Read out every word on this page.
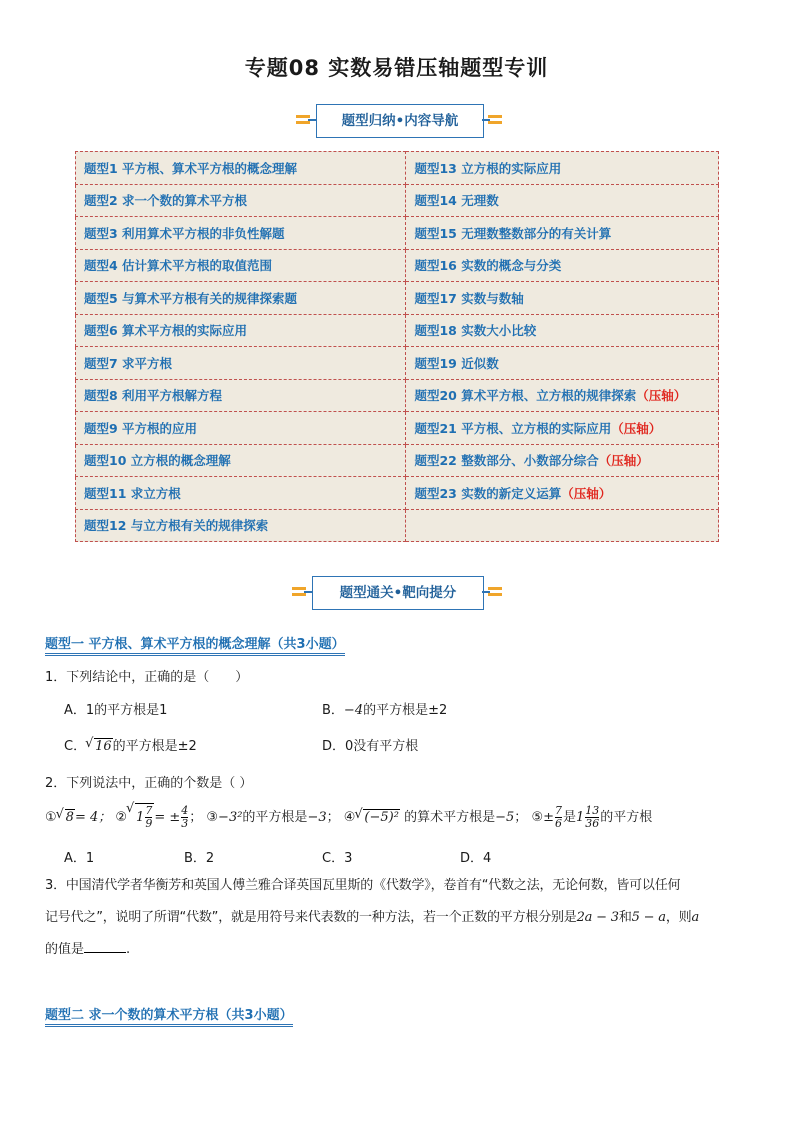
专题08 实数易错压轴题型专训
题型归纳•内容导航
题型1 平方根、算术平方根的概念理解	题型13 立方根的实际应用
题型2 求一个数的算术平方根	题型14 无理数
题型3 利用算术平方根的非负性解题	题型15 无理数整数部分的有关计算
题型4 估计算术平方根的取值范围	题型16 实数的概念与分类
题型5 与算术平方根有关的规律探索题	题型17 实数与数轴
题型6 算术平方根的实际应用	题型18 实数大小比较
题型7 求平方根	题型19 近似数
题型8 利用平方根解方程	题型20 算术平方根、立方根的规律探索（压轴）
题型9 平方根的应用	题型21 平方根、立方根的实际应用（压轴）
题型10 立方根的概念理解	题型22 整数部分、小数部分综合（压轴）
题型11 求立方根	题型23 实数的新定义运算（压轴）
题型12 与立方根有关的规律探索	
题型通关•靶向提分
题型一 平方根、算术平方根的概念理解（共3小题）
1．下列结论中，正确的是（　　）
A．1的平方根是1	B．−4的平方根是±2
C． √ 16的平方根是±2	D．0没有平方根
2．下列说法中，正确的个数是（ ）
① √ 8= 4； ② √ $1 \frac{7}{9}$ = ± $\frac{4}{3}$ ； ③−3²的平方根是−3； ④ √ (−5)² 的算术平方根是−5； ⑤± $\frac{7}{6}$ 是$1 \frac{13}{36}$ 的平方根
A．1	B．2	C．3	D．4
3．中国清代学者华衡芳和英国人傅兰雅合译英国瓦里斯的《代数学》，卷首有“代数之法，无论何数，皆可以任何
记号代之”，说明了所谓“代数”，就是用符号来代表数的一种方法，若一个正数的平方根分别是2a − 3和5 − a，则a
的值是	.
题型二 求一个数的算术平方根（共3小题）
